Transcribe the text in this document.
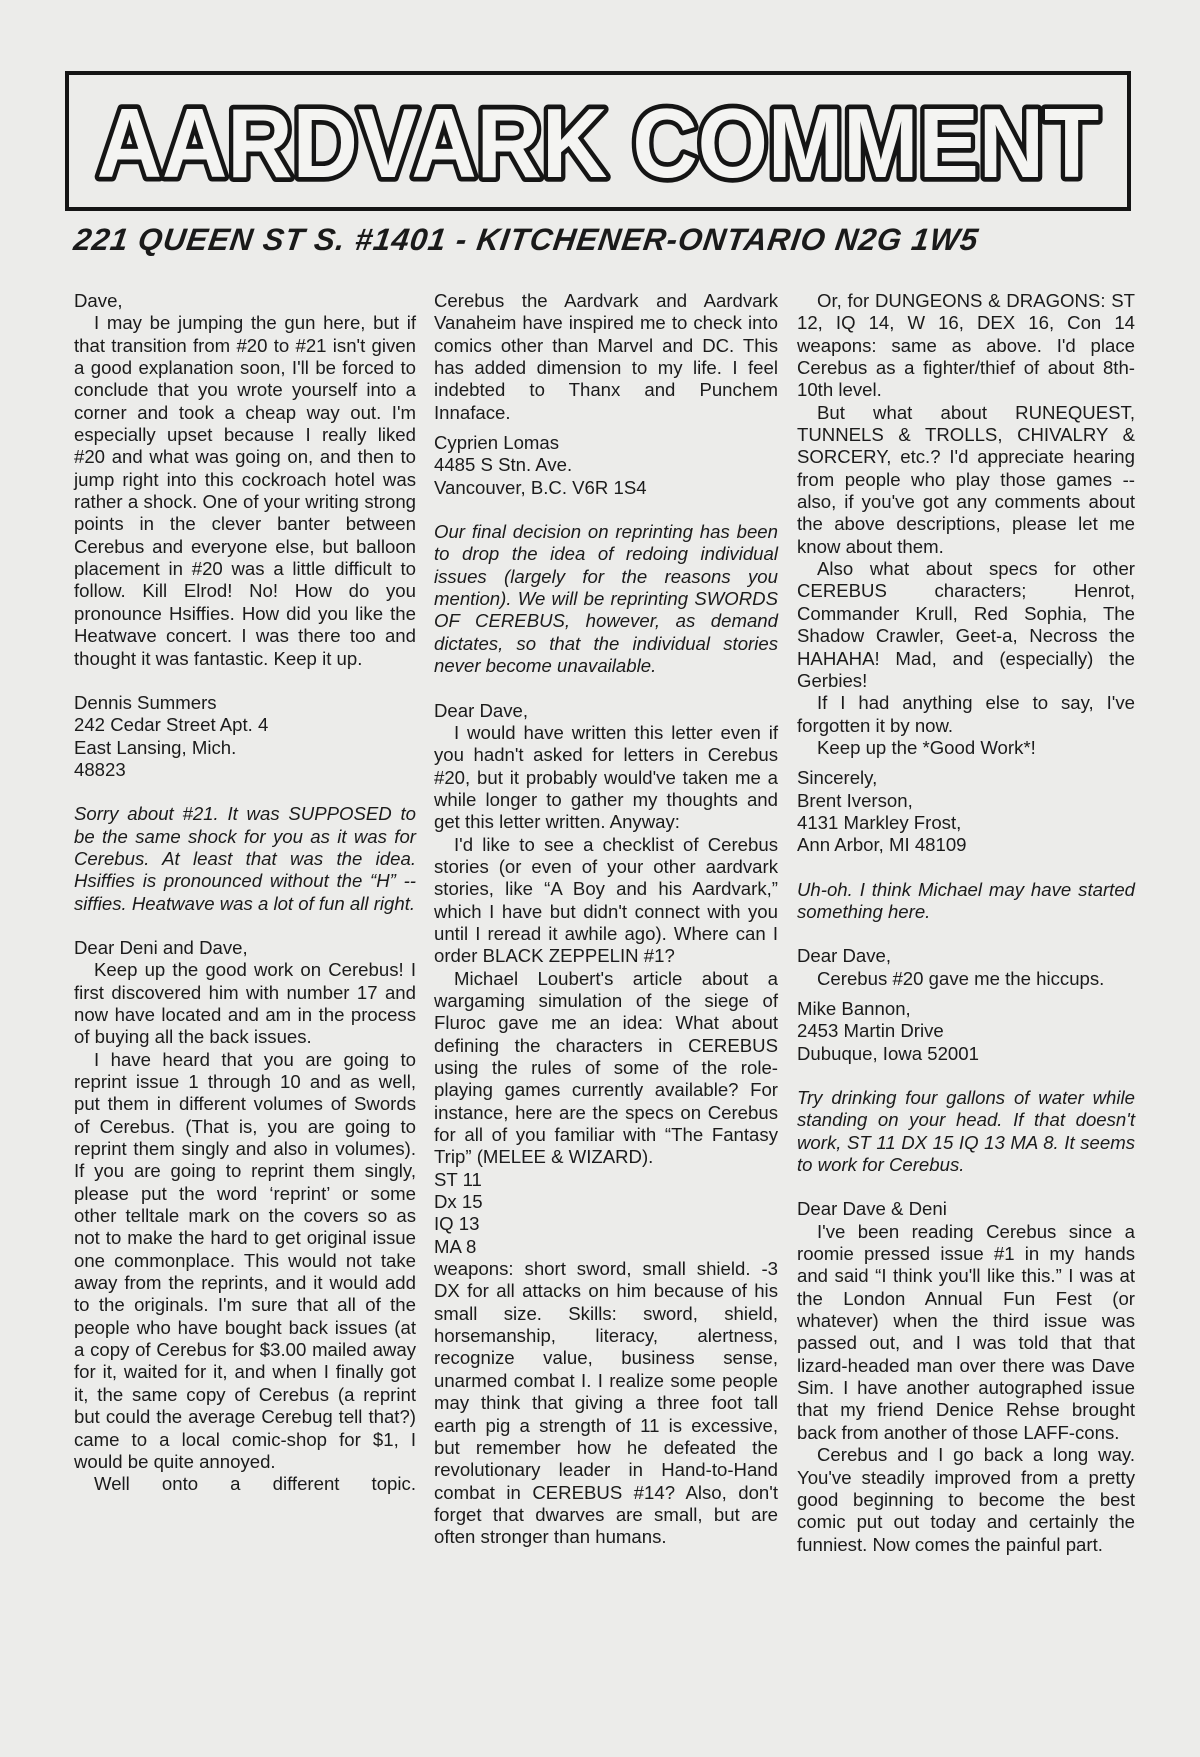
AARDVARK COMMENT
221 QUEEN ST S. #1401 - KITCHENER-ONTARIO N2G 1W5

Dave,

I may be jumping the gun here, but if that transition from #20 to #21 isn't given a good explanation soon, I'll be forced to conclude that you wrote yourself into a corner and took a cheap way out. I'm especially upset because I really liked #20 and what was going on, and then to jump right into this cockroach hotel was rather a shock. One of your writing strong points in the clever banter between Cerebus and everyone else, but balloon placement in #20 was a little difficult to follow. Kill Elrod! No! How do you pronounce Hsiffies. How did you like the Heatwave concert. I was there too and thought it was fantastic. Keep it up.

Dennis Summers
242 Cedar Street Apt. 4
East Lansing, Mich.
48823

Sorry about #21. It was SUPPOSED to be the same shock for you as it was for Cerebus. At least that was the idea. Hsiffies is pronounced without the “H” -- siffies. Heatwave was a lot of fun all right.

Dear Deni and Dave,

Keep up the good work on Cerebus! I first discovered him with number 17 and now have located and am in the process of buying all the back issues.

I have heard that you are going to reprint issue 1 through 10 and as well, put them in different volumes of Swords of Cerebus. (That is, you are going to reprint them singly and also in volumes). If you are going to reprint them singly, please put the word ‘reprint’ or some other telltale mark on the covers so as not to make the hard to get original issue one commonplace. This would not take away from the reprints, and it would add to the originals. I'm sure that all of the people who have bought back issues (at a copy of Cerebus for $3.00 mailed away for it, waited for it, and when I finally got it, the same copy of Cerebus (a reprint but could the average Cerebug tell that?) came to a local comic-shop for $1, I would be quite annoyed.

Well onto a different topic.

Cerebus the Aardvark and Aardvark Vanaheim have inspired me to check into comics other than Marvel and DC. This has added dimension to my life. I feel indebted to Thanx and Punchem Innaface.

Cyprien Lomas
4485 S Stn. Ave.
Vancouver, B.C. V6R 1S4

Our final decision on reprinting has been to drop the idea of redoing individual issues (largely for the reasons you mention). We will be reprinting SWORDS OF CEREBUS, however, as demand dictates, so that the individual stories never become unavailable.

Dear Dave,

I would have written this letter even if you hadn't asked for letters in Cerebus #20, but it probably would've taken me a while longer to gather my thoughts and get this letter written. Anyway:

I'd like to see a checklist of Cerebus stories (or even of your other aardvark stories, like “A Boy and his Aardvark,” which I have but didn't connect with you until I reread it awhile ago). Where can I order BLACK ZEPPELIN #1?

Michael Loubert's article about a wargaming simulation of the siege of Fluroc gave me an idea: What about defining the characters in CEREBUS using the rules of some of the role-playing games currently available? For instance, here are the specs on Cerebus for all of you familiar with “The Fantasy Trip” (MELEE & WIZARD).

ST 11
Dx 15
IQ 13
MA 8

weapons: short sword, small shield. -3 DX for all attacks on him because of his small size. Skills: sword, shield, horsemanship, literacy, alertness, recognize value, business sense, unarmed combat I. I realize some people may think that giving a three foot tall earth pig a strength of 11 is excessive, but remember how he defeated the revolutionary leader in Hand-to-Hand combat in CEREBUS #14? Also, don't forget that dwarves are small, but are often stronger than humans.

Or, for DUNGEONS & DRAGONS: ST 12, IQ 14, W 16, DEX 16, Con 14 weapons: same as above. I'd place Cerebus as a fighter/thief of about 8th-10th level.

But what about RUNEQUEST, TUNNELS & TROLLS, CHIVALRY & SORCERY, etc.? I'd appreciate hearing from people who play those games -- also, if you've got any comments about the above descriptions, please let me know about them.

Also what about specs for other CEREBUS characters; Henrot, Commander Krull, Red Sophia, The Shadow Crawler, Geet-a, Necross the HAHAHA! Mad, and (especially) the Gerbies!

If I had anything else to say, I've forgotten it by now.

Keep up the *Good Work*!

Sincerely,
Brent Iverson,
4131 Markley Frost,
Ann Arbor, MI 48109

Uh-oh. I think Michael may have started something here.

Dear Dave,

Cerebus #20 gave me the hiccups.

Mike Bannon,
2453 Martin Drive
Dubuque, Iowa 52001

Try drinking four gallons of water while standing on your head. If that doesn't work, ST 11 DX 15 IQ 13 MA 8. It seems to work for Cerebus.

Dear Dave & Deni

I've been reading Cerebus since a roomie pressed issue #1 in my hands and said “I think you'll like this.” I was at the London Annual Fun Fest (or whatever) when the third issue was passed out, and I was told that that lizard-headed man over there was Dave Sim. I have another autographed issue that my friend Denice Rehse brought back from another of those LAFF-cons.

Cerebus and I go back a long way. You've steadily improved from a pretty good beginning to become the best comic put out today and certainly the funniest. Now comes the painful part.
